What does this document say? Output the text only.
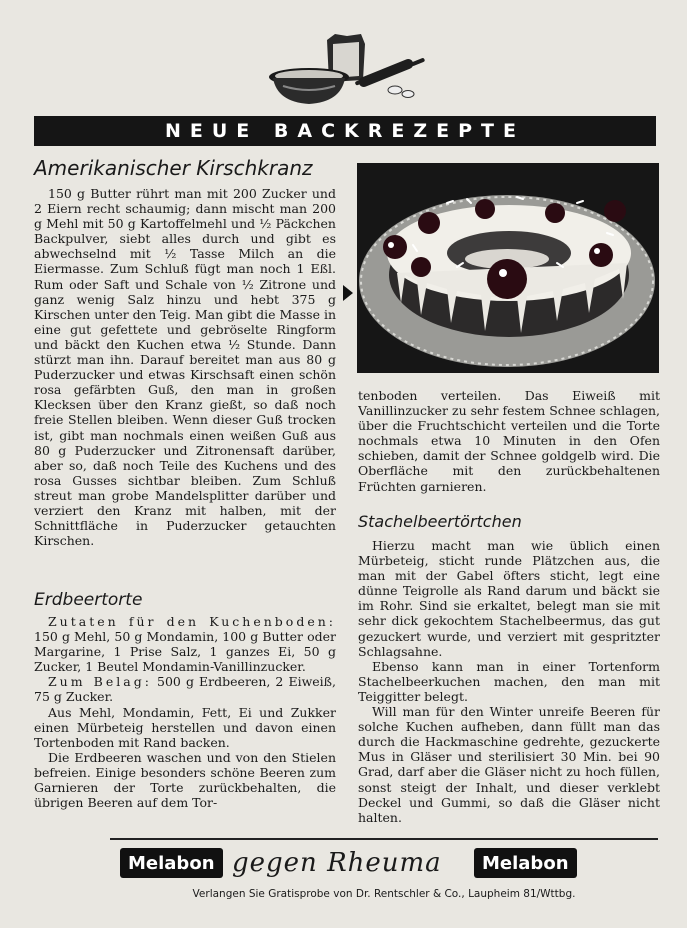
NEUE BACKREZEPTE
Amerikanischer Kirschkranz

150 g Butter rührt man mit 200 Zucker und 2 Eiern recht schaumig; dann mischt man 200 g Mehl mit 50 g Kartoffelmehl und ½ Päckchen Backpulver, siebt alles durch und gibt es abwechselnd mit ½ Tasse Milch an die Eiermasse. Zum Schluß fügt man noch 1 Eßl. Rum oder Saft und Schale von ½ Zitrone und ganz wenig Salz hinzu und hebt 375 g Kirschen unter den Teig. Man gibt die Masse in eine gut gefettete und gebröselte Ringform und bäckt den Kuchen etwa ½ Stunde. Dann stürzt man ihn. Darauf bereitet man aus 80 g Puderzucker und etwas Kirschsaft einen schön rosa gefärbten Guß, den man in großen Klecksen über den Kranz gießt, so daß noch freie Stellen bleiben. Wenn dieser Guß trocken ist, gibt man nochmals einen weißen Guß aus 80 g Puderzucker und Zitronensaft darüber, aber so, daß noch Teile des Kuchens und des rosa Gusses sichtbar bleiben. Zum Schluß streut man grobe Mandelsplitter darüber und verziert den Kranz mit halben, mit der Schnittfläche in Puderzucker getauchten Kirschen.

Erdbeertorte

Zutaten für den Kuchenboden: 150 g Mehl, 50 g Mondamin, 100 g Butter oder Margarine, 1 Prise Salz, 1 ganzes Ei, 50 g Zucker, 1 Beutel Mondamin-Vanillinzucker.

Zum Belag: 500 g Erdbeeren, 2 Eiweiß, 75 g Zucker.

Aus Mehl, Mondamin, Fett, Ei und Zukker einen Mürbeteig herstellen und davon einen Tortenboden mit Rand backen.

Die Erdbeeren waschen und von den Stielen befreien. Einige besonders schöne Beeren zum Garnieren der Torte zurückbehalten, die übrigen Beeren auf dem Tor-

tenboden verteilen. Das Eiweiß mit Vanillinzucker zu sehr festem Schnee schlagen, über die Fruchtschicht verteilen und die Torte nochmals etwa 10 Minuten in den Ofen schieben, damit der Schnee goldgelb wird. Die Oberfläche mit den zurückbehaltenen Früchten garnieren.

Stachelbeertörtchen

Hierzu macht man wie üblich einen Mürbeteig, sticht runde Plätzchen aus, die man mit der Gabel öfters sticht, legt eine dünne Teigrolle als Rand darum und bäckt sie im Rohr. Sind sie erkaltet, belegt man sie mit sehr dick gekochtem Stachelbeermus, das gut gezuckert wurde, und verziert mit gespritzter Schlagsahne.

Ebenso kann man in einer Tortenform Stachelbeerkuchen machen, den man mit Teiggitter belegt.

Will man für den Winter unreife Beeren für solche Kuchen aufheben, dann füllt man das durch die Hackmaschine gedrehte, gezuckerte Mus in Gläser und sterilisiert 30 Min. bei 90 Grad, darf aber die Gläser nicht zu hoch füllen, sonst steigt der Inhalt, und dieser verklebt Deckel und Gummi, so daß die Gläser nicht halten.

Melabon gegen Rheuma	Melabon
Verlangen Sie Gratisprobe von Dr. Rentschler & Co., Laupheim 81/Wttbg.
